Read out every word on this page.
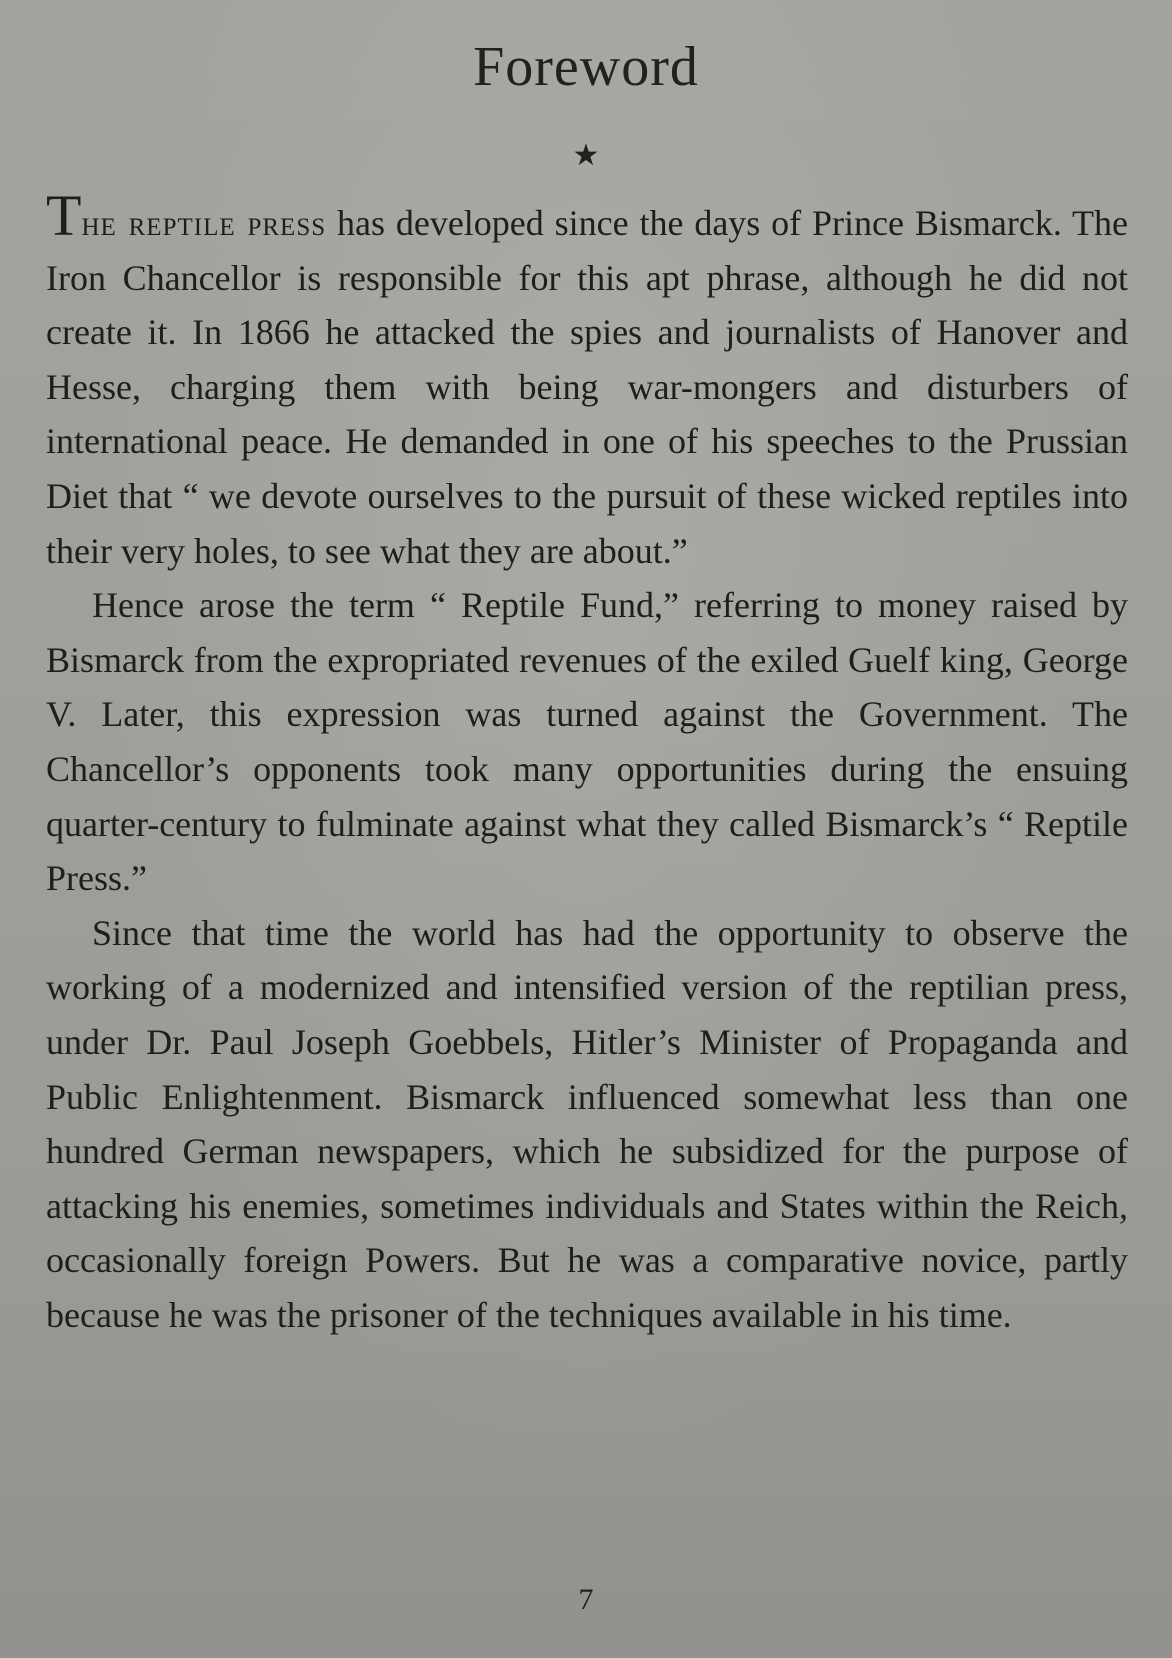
Foreword
★

The reptile press has developed since the days of Prince Bismarck. The Iron Chancellor is responsible for this apt phrase, although he did not create it. In 1866 he attacked the spies and journalists of Hanover and Hesse, charging them with being war-mongers and disturbers of international peace. He demanded in one of his speeches to the Prussian Diet that “ we devote ourselves to the pursuit of these wicked reptiles into their very holes, to see what they are about.”

Hence arose the term “ Reptile Fund,” referring to money raised by Bismarck from the expropriated revenues of the exiled Guelf king, George V. Later, this expression was turned against the Government. The Chancellor’s opponents took many opportunities during the ensuing quarter-century to fulminate against what they called Bismarck’s “ Reptile Press.”

Since that time the world has had the opportunity to observe the working of a modernized and intensified version of the reptilian press, under Dr. Paul Joseph Goebbels, Hitler’s Minister of Propaganda and Public Enlightenment. Bismarck influenced somewhat less than one hundred German newspapers, which he subsidized for the purpose of attacking his enemies, sometimes individuals and States within the Reich, occasionally foreign Powers. But he was a comparative novice, partly because he was the prisoner of the techniques available in his time.

7
